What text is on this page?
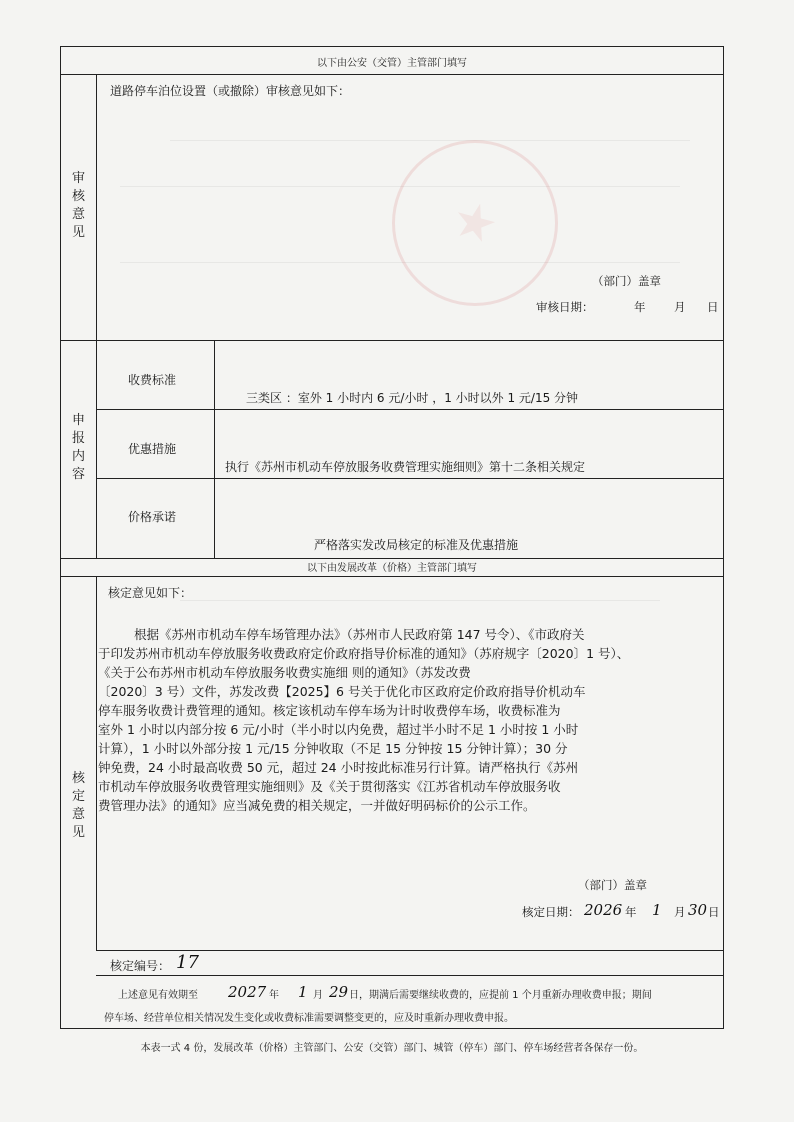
以下由公安（交管）主管部门填写
审核意见
道路停车泊位设置（或撤除）审核意见如下：
（部门）盖章
审核日期：	年 月 日
申报内容
收费标准
三类区 ：室外 1 小时内 6 元/小时 ，1 小时以外 1 元/15 分钟
优惠措施
执行《苏州市机动车停放服务收费管理实施细则》第十二条相关规定
价格承诺
严格落实发改局核定的标准及优惠措施
以下由发展改革（价格）主管部门填写
核定意见
核定意见如下：
根据《苏州市机动车停车场管理办法》（苏州市人民政府第 147 号令）、《市政府关
于印发苏州市机动车停放服务收费政府定价政府指导价标准的通知》（苏府规字〔2020〕1 号）、
《关于公布苏州市机动车停放服务收费实施细 则的通知》（苏发改费
〔2020〕3 号）文件，苏发改费【2025】6 号关于优化市区政府定价政府指导价机动车
停车服务收费计费管理的通知。核定该机动车停车场为计时收费停车场，收费标准为
室外 1 小时以内部分按 6 元/小时（半小时以内免费，超过半小时不足 1 小时按 1 小时
计算），1 小时以外部分按 1 元/15 分钟收取（不足 15 分钟按 15 分钟计算）；30 分
钟免费，24 小时最高收费 50 元，超过 24 小时按此标准另行计算。请严格执行《苏州
市机动车停放服务收费管理实施细则》及《关于贯彻落实《江苏省机动车停放服务收
费管理办法》的通知》应当减免费的相关规定，一并做好明码标价的公示工作。
（部门）盖章
核定日期： 2026 年 1 月 30 日
核定编号： 17
上述意见有效期至 2027 年 1 月 29 日，期满后需要继续收费的，应提前 1 个月重新办理收费申报；期间
停车场、经营单位相关情况发生变化或收费标准需要调整变更的，应及时重新办理收费申报。
本表一式 4 份，发展改革（价格）主管部门、公安（交管）部门、城管（停车）部门、停车场经营者各保存一份。
